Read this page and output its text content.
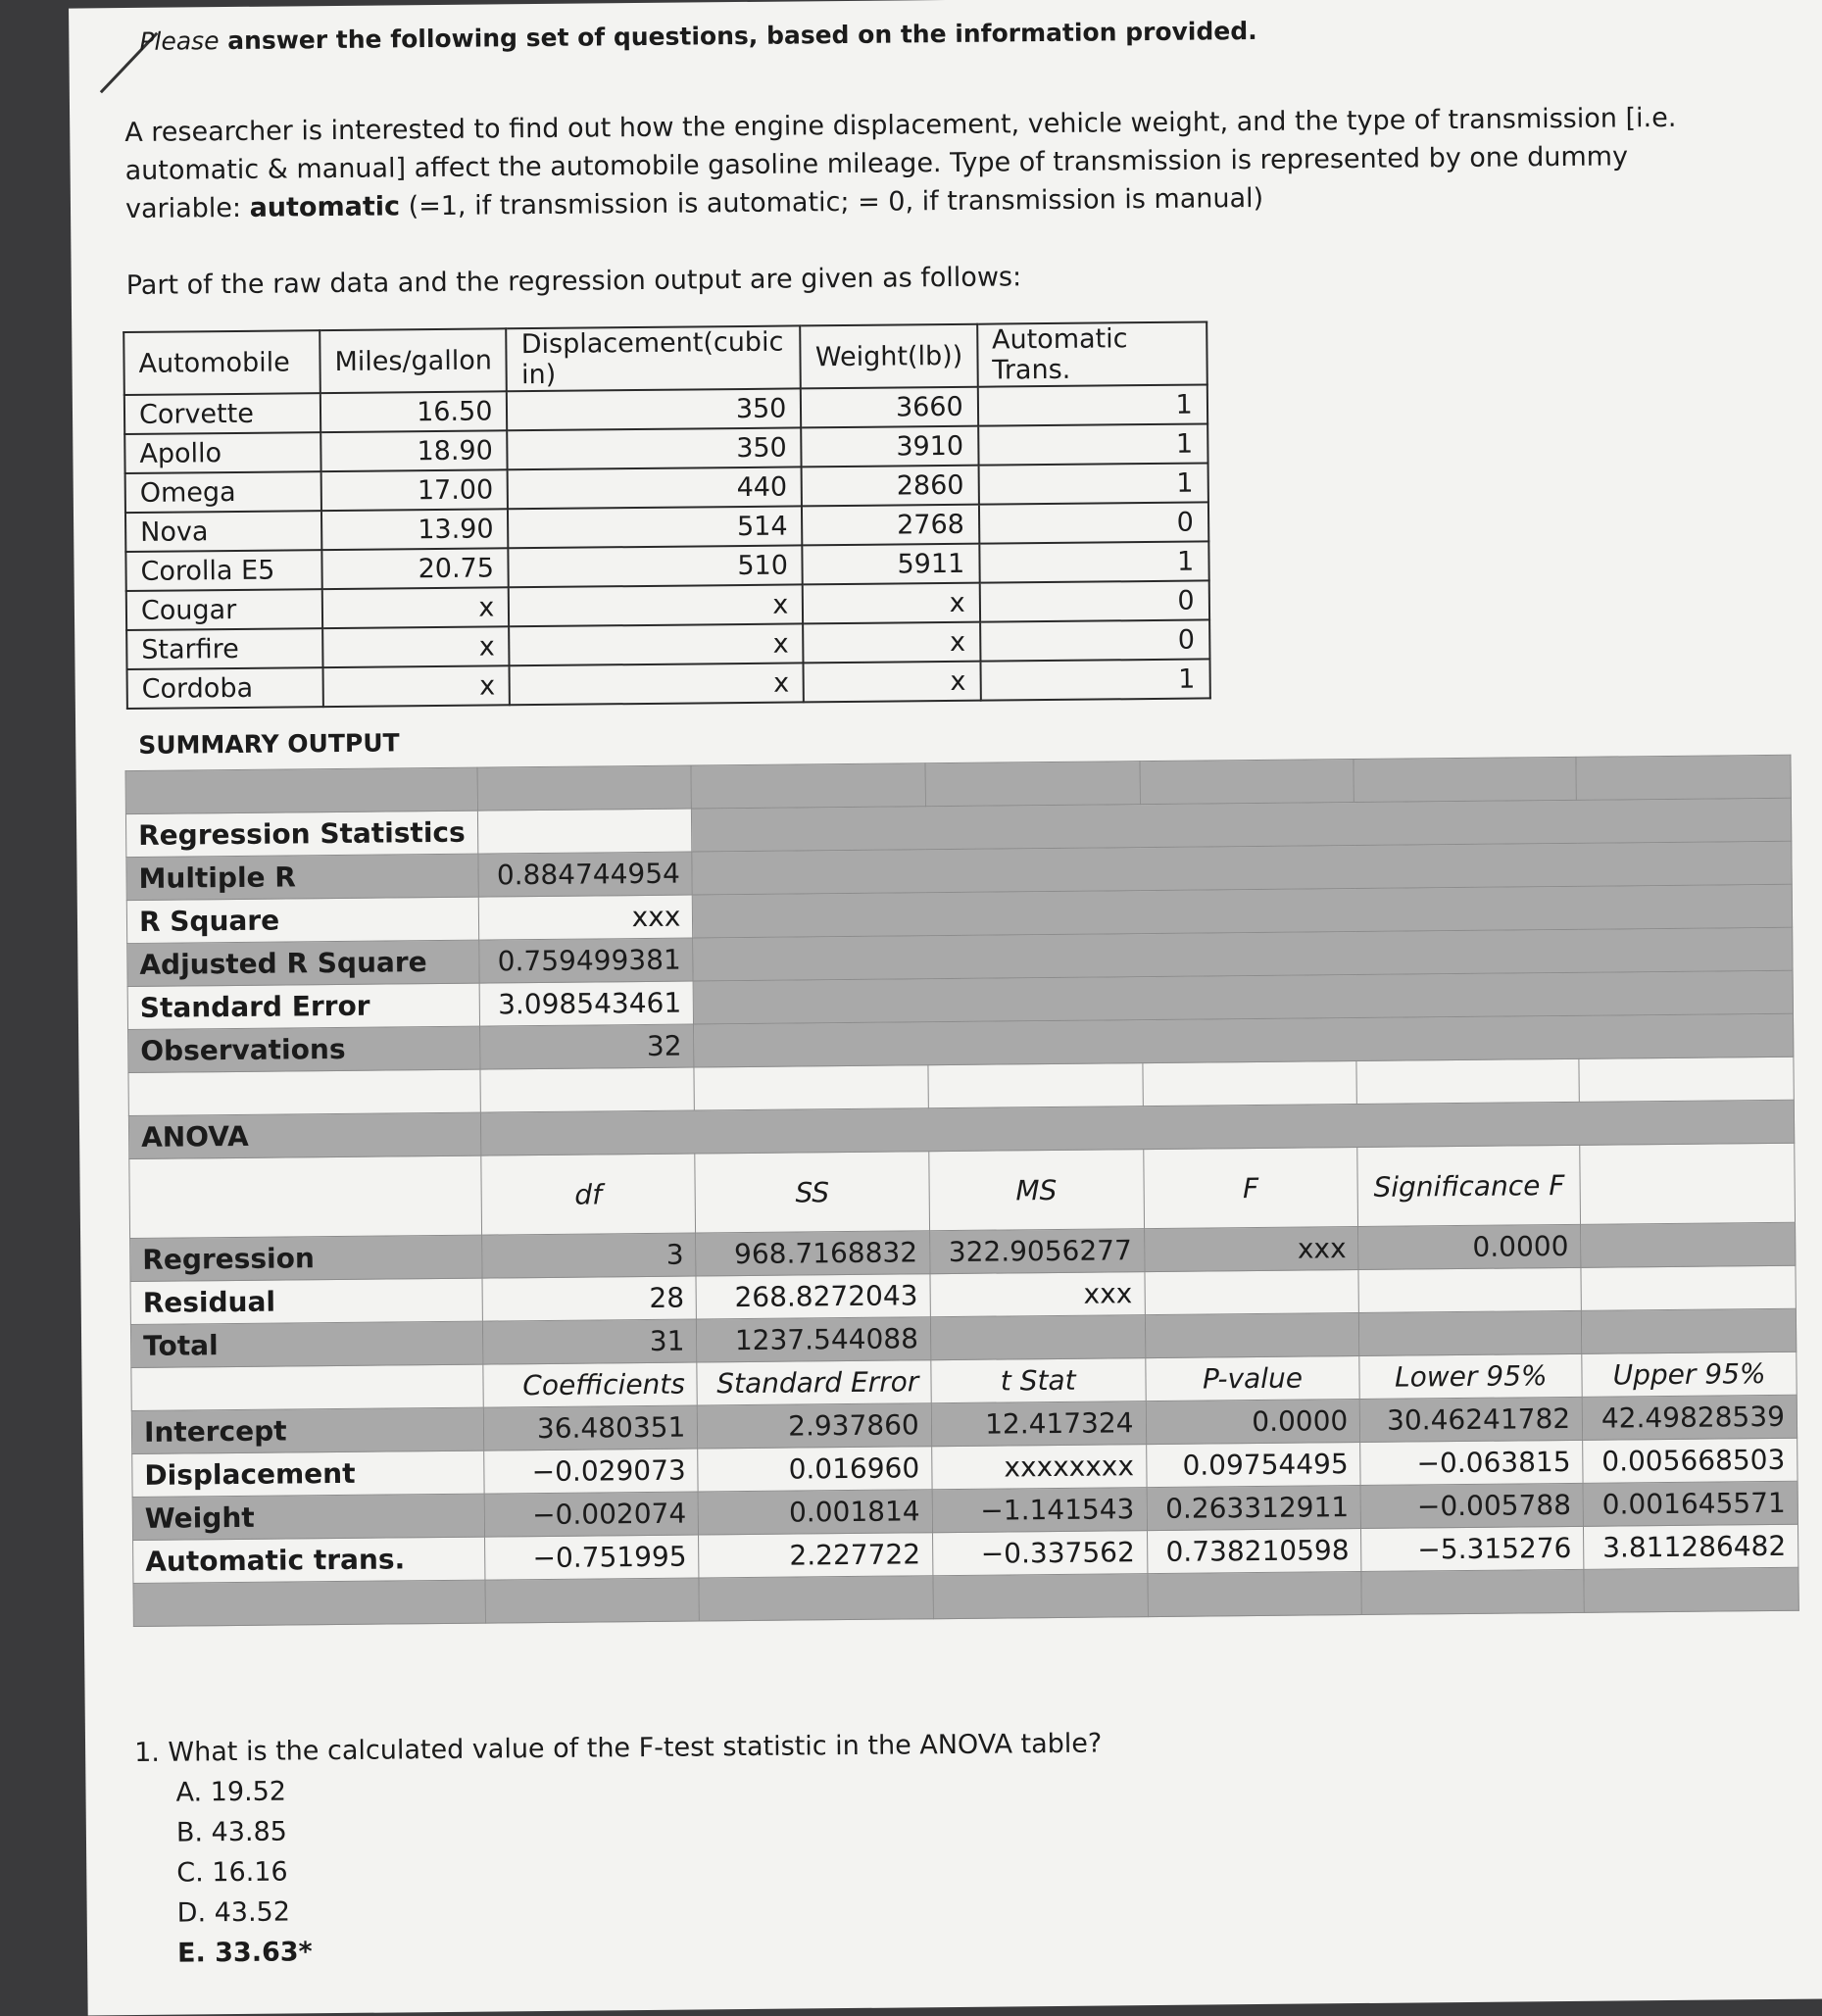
Please answer the following set of questions, based on the information provided.
A researcher is interested to find out how the engine displacement, vehicle weight, and the type of transmission [i.e. automatic & manual] affect the automobile gasoline mileage. Type of transmission is represented by one dummy variable: automatic (=1, if transmission is automatic; = 0, if transmission is manual)
Part of the raw data and the regression output are given as follows:
Automobile	Miles/gallon	Displacement(cubic in)	Weight(lb))	Automatic Trans.
Corvette	16.50	350	3660	1
Apollo	18.90	350	3910	1
Omega	17.00	440	2860	1
Nova	13.90	514	2768	0
Corolla E5	20.75	510	5911	1
Cougar	x	x	x	0
Starfire	x	x	x	0
Cordoba	x	x	x	1
SUMMARY OUTPUT

Regression Statistics						
Multiple R	0.884744954					
R Square	xxx					
Adjusted R Square	0.759499381					
Standard Error	3.098543461					
Observations	32					

ANOVA						
	df	SS	MS	F	Significance F	
Regression	3	968.7168832	322.9056277	xxx	0.0000	
Residual	28	268.8272043	xxx			
Total	31	1237.544088				
	Coefficients	Standard Error	t Stat	P-value	Lower 95%	Upper 95%
Intercept	36.480351	2.937860	12.417324	0.0000	30.46241782	42.49828539
Displacement	−0.029073	0.016960	xxxxxxxx	0.09754495	−0.063815	0.005668503
Weight	−0.002074	0.001814	−1.141543	0.263312911	−0.005788	0.001645571
Automatic trans.	−0.751995	2.227722	−0.337562	0.738210598	−5.315276	3.811286482

1. What is the calculated value of the F-test statistic in the ANOVA table?
A. 19.52
B. 43.85
C. 16.16
D. 43.52
E. 33.63*
